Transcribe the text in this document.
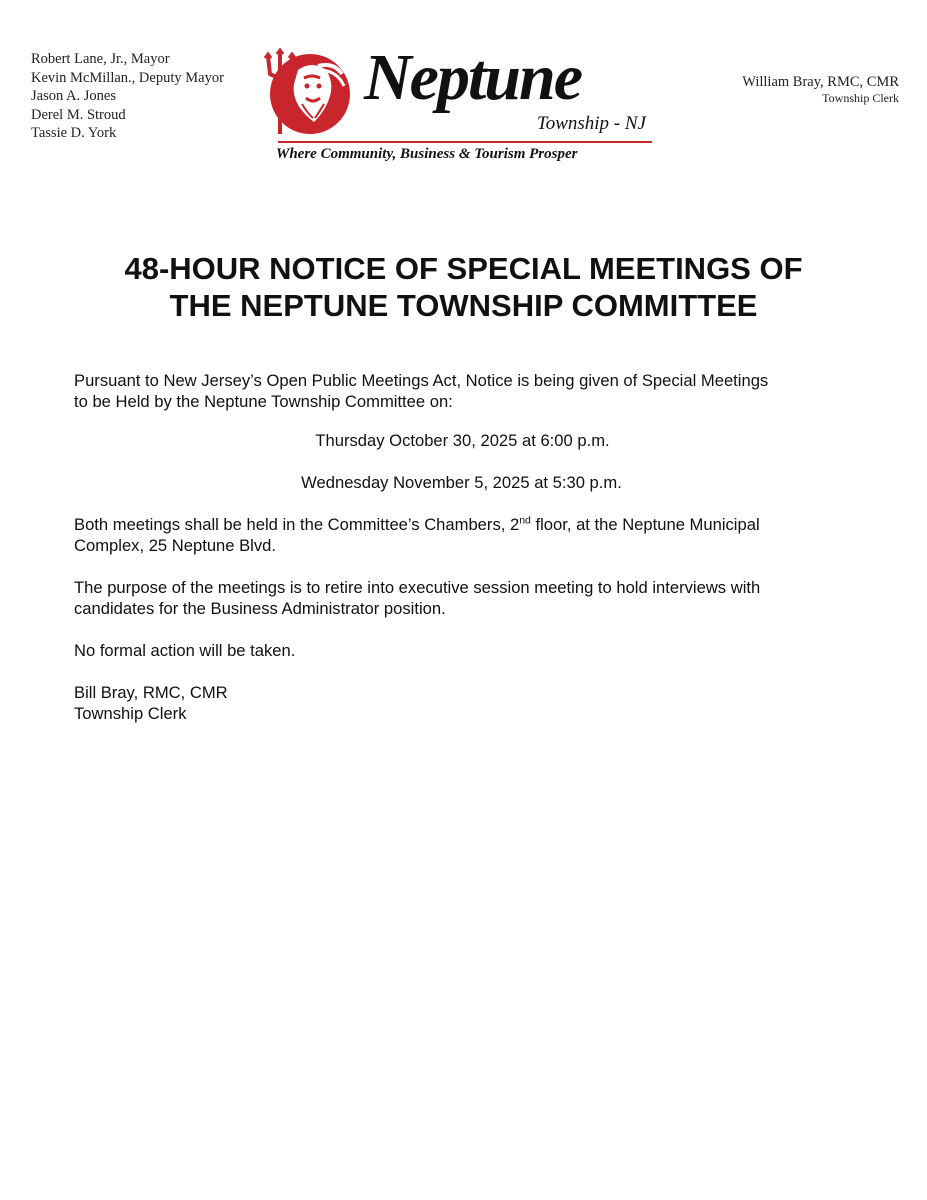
Robert Lane, Jr., Mayor
Kevin McMillan., Deputy Mayor
Jason A. Jones
Derel M. Stroud
Tassie D. York
Neptune
Township - NJ
Where Community, Business & Tourism Prosper
William Bray, RMC, CMR
Township Clerk
48-HOUR NOTICE OF SPECIAL MEETINGS OF
THE NEPTUNE TOWNSHIP COMMITTEE
Pursuant to New Jersey’s Open Public Meetings Act, Notice is being given of Special Meetings
to be Held by the Neptune Township Committee on:
Thursday October 30, 2025 at 6:00 p.m.
Wednesday November 5, 2025 at 5:30 p.m.
Both meetings shall be held in the Committee’s Chambers, 2nd floor, at the Neptune Municipal
Complex, 25 Neptune Blvd.
The purpose of the meetings is to retire into executive session meeting to hold interviews with
candidates for the Business Administrator position.
No formal action will be taken.
Bill Bray, RMC, CMR
Township Clerk
